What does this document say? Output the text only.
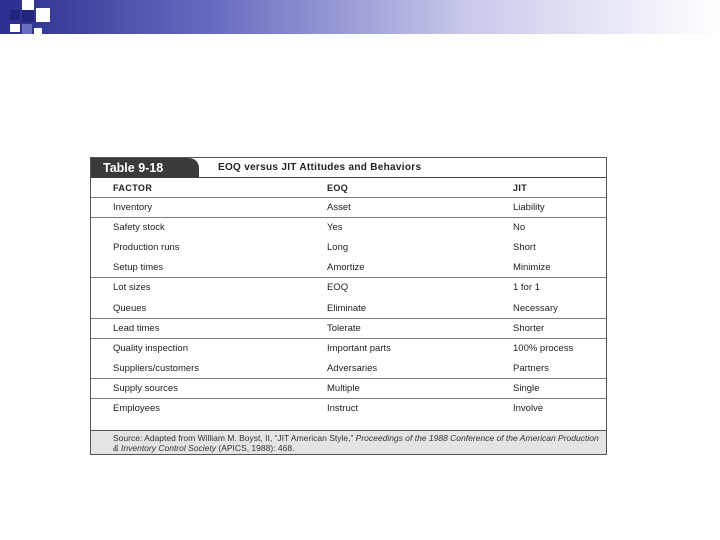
Table 9-18	EOQ versus JIT Attitudes and Behaviors
FACTOR	EOQ	JIT
Inventory	Asset	Liability
Safety stock	Yes	No
Production runs	Long	Short
Setup times	Amortize	Minimize
Lot sizes	EOQ	1 for 1
Queues	Eliminate	Necessary
Lead times	Tolerate	Shorter
Quality inspection	Important parts	100% process
Suppliers/customers	Adversaries	Partners
Supply sources	Multiple	Single
Employees	Instruct	Involve
Source: Adapted from William M. Boyst, II, “JIT American Style,” Proceedings of the 1988 Conference of the American Production & Inventory Control Society (APICS, 1988): 468.
